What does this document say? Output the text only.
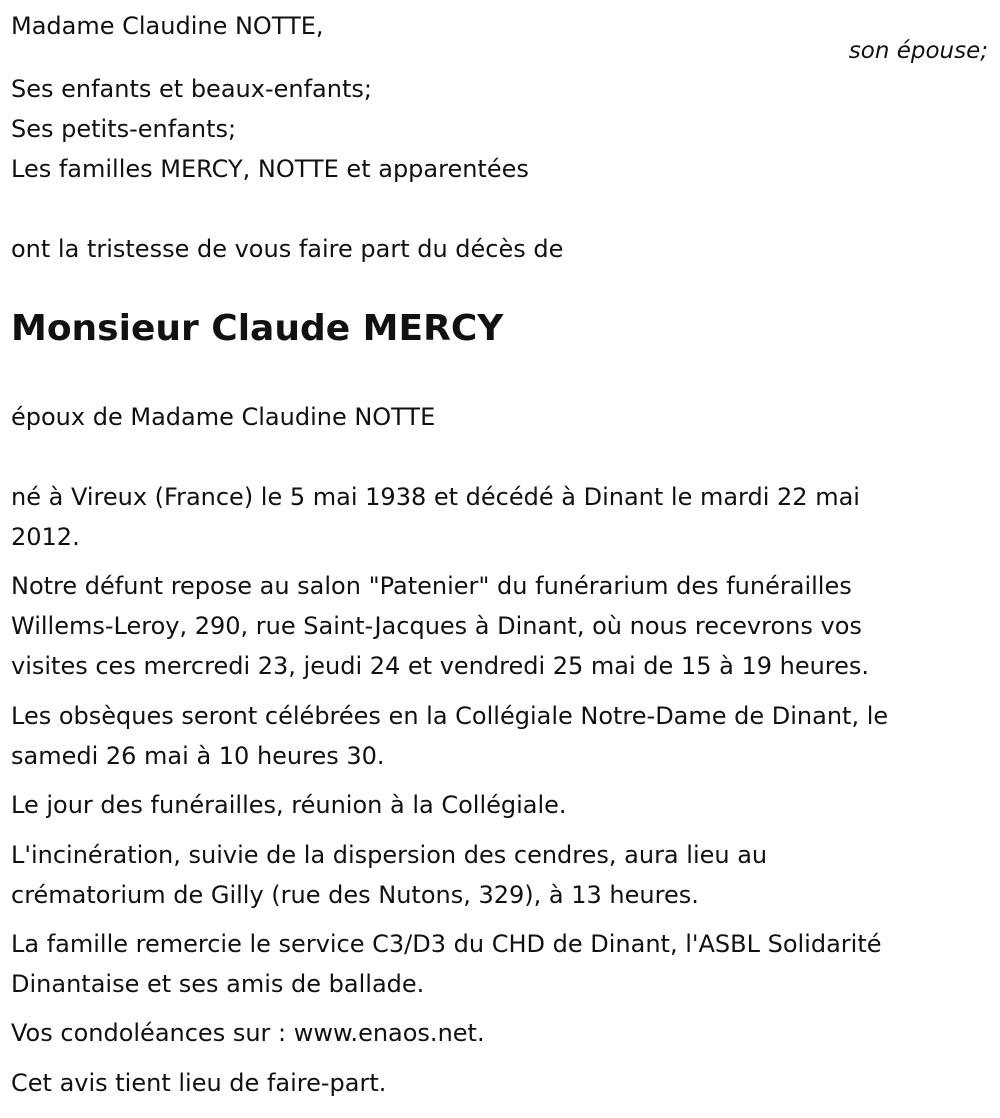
Madame Claudine NOTTE,

son épouse;

Ses enfants et beaux-enfants;

Ses petits-enfants;

Les familles MERCY, NOTTE et apparentées

ont la tristesse de vous faire part du décès de

Monsieur Claude MERCY

époux de Madame Claudine NOTTE

né à Vireux (France) le 5 mai 1938 et décédé à Dinant le mardi 22 mai

2012.

Notre défunt repose au salon "Patenier" du funérarium des funérailles

Willems-Leroy, 290, rue Saint-Jacques à Dinant, où nous recevrons vos

visites ces mercredi 23, jeudi 24 et vendredi 25 mai de 15 à 19 heures.

Les obsèques seront célébrées en la Collégiale Notre-Dame de Dinant, le

samedi 26 mai à 10 heures 30.

Le jour des funérailles, réunion à la Collégiale.

L'incinération, suivie de la dispersion des cendres, aura lieu au

crématorium de Gilly (rue des Nutons, 329), à 13 heures.

La famille remercie le service C3/D3 du CHD de Dinant, l'ASBL Solidarité

Dinantaise et ses amis de ballade.

Vos condoléances sur : www.enaos.net.

Cet avis tient lieu de faire-part.
